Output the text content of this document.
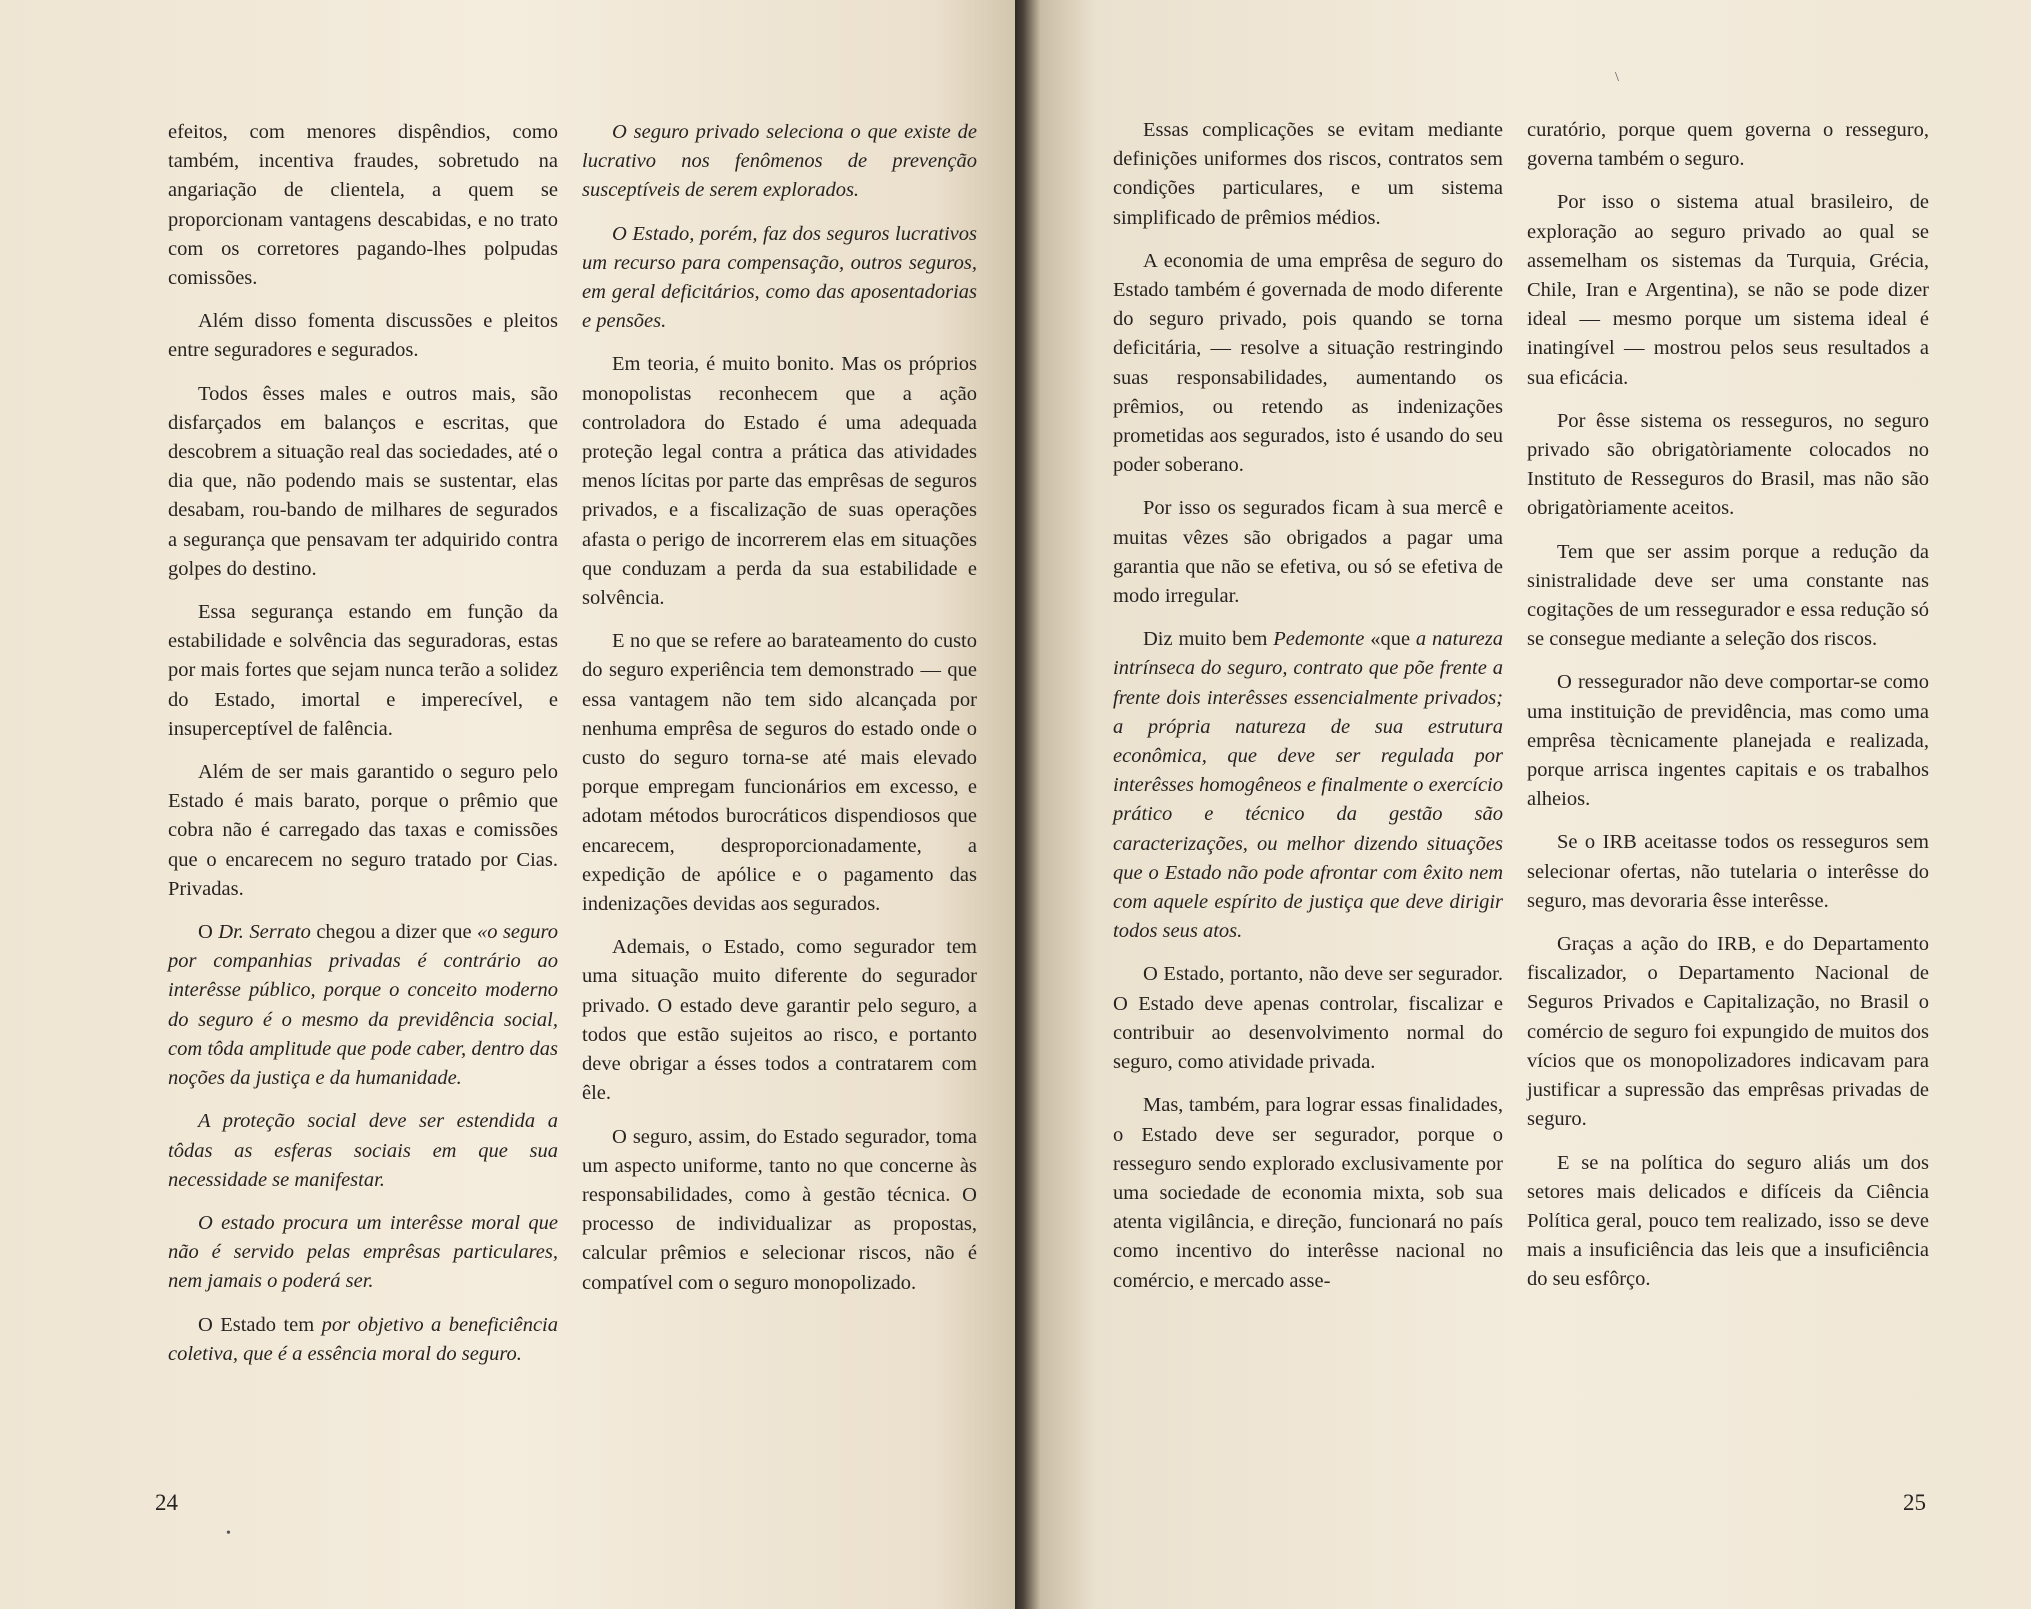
efeitos, com menores dispêndios, como também, incentiva fraudes, sobretudo na angariação de clientela, a quem se proporcionam vantagens descabidas, e no trato com os corretores pagando-lhes polpudas comissões.

Além disso fomenta discussões e pleitos entre seguradores e segurados.

Todos êsses males e outros mais, são disfarçados em balanços e escritas, que descobrem a situação real das sociedades, até o dia que, não podendo mais se sustentar, elas desabam, rou-bando de milhares de segurados a segurança que pensavam ter adquirido contra golpes do destino.

Essa segurança estando em função da estabilidade e solvência das seguradoras, estas por mais fortes que sejam nunca terão a solidez do Estado, imortal e imperecível, e insuperceptível de falência.

Além de ser mais garantido o seguro pelo Estado é mais barato, porque o prêmio que cobra não é carregado das taxas e comissões que o encarecem no seguro tratado por Cias. Privadas.

O Dr. Serrato chegou a dizer que «o seguro por companhias privadas é contrário ao interêsse público, porque o conceito moderno do seguro é o mesmo da previdência social, com tôda amplitude que pode caber, dentro das noções da justiça e da humanidade.

A proteção social deve ser estendida a tôdas as esferas sociais em que sua necessidade se manifestar.

O estado procura um interêsse moral que não é servido pelas emprêsas particulares, nem jamais o poderá ser.

O Estado tem por objetivo a beneficiência coletiva, que é a essência moral do seguro.

O seguro privado seleciona o que existe de lucrativo nos fenômenos de prevenção susceptíveis de serem explorados.

O Estado, porém, faz dos seguros lucrativos um recurso para compensação, outros seguros, em geral deficitários, como das aposentadorias e pensões.

Em teoria, é muito bonito. Mas os próprios monopolistas reconhecem que a ação controladora do Estado é uma adequada proteção legal contra a prática das atividades menos lícitas por parte das emprêsas de seguros privados, e a fiscalização de suas operações afasta o perigo de incorrerem elas em situações que conduzam a perda da sua estabilidade e solvência.

E no que se refere ao barateamento do custo do seguro experiência tem demonstrado — que essa vantagem não tem sido alcançada por nenhuma emprêsa de seguros do estado onde o custo do seguro torna-se até mais elevado porque empregam funcionários em excesso, e adotam métodos burocráticos dispendiosos que encarecem, desproporcionadamente, a expedição de apólice e o pagamento das indenizações devidas aos segurados.

Ademais, o Estado, como segurador tem uma situação muito diferente do segurador privado. O estado deve garantir pelo seguro, a todos que estão sujeitos ao risco, e portanto deve obrigar a ésses todos a contratarem com êle.

O seguro, assim, do Estado segurador, toma um aspecto uniforme, tanto no que concerne às responsabilidades, como à gestão técnica. O processo de individualizar as propostas, calcular prêmios e selecionar riscos, não é compatível com o seguro monopolizado.

24
•

Essas complicações se evitam mediante definições uniformes dos riscos, contratos sem condições particulares, e um sistema simplificado de prêmios médios.

A economia de uma emprêsa de seguro do Estado também é governada de modo diferente do seguro privado, pois quando se torna deficitária, — resolve a situação restringindo suas responsabilidades, aumentando os prêmios, ou retendo as indenizações prometidas aos segurados, isto é usando do seu poder soberano.

Por isso os segurados ficam à sua mercê e muitas vêzes são obrigados a pagar uma garantia que não se efetiva, ou só se efetiva de modo irregular.

Diz muito bem Pedemonte «que a natureza intrínseca do seguro, contrato que põe frente a frente dois interêsses essencialmente privados; a própria natureza de sua estrutura econômica, que deve ser regulada por interêsses homogêneos e finalmente o exercício prático e técnico da gestão são caracterizações, ou melhor dizendo situações que o Estado não pode afrontar com êxito nem com aquele espírito de justiça que deve dirigir todos seus atos.

O Estado, portanto, não deve ser segurador. O Estado deve apenas controlar, fiscalizar e contribuir ao desenvolvimento normal do seguro, como atividade privada.

Mas, também, para lograr essas finalidades, o Estado deve ser segurador, porque o resseguro sendo explorado exclusivamente por uma sociedade de economia mixta, sob sua atenta vigilância, e direção, funcionará no país como incentivo do interêsse nacional no comércio, e mercado asse-

curatório, porque quem governa o resseguro, governa também o seguro.

Por isso o sistema atual brasileiro, de exploração ao seguro privado ao qual se assemelham os sistemas da Turquia, Grécia, Chile, Iran e Argentina), se não se pode dizer ideal — mesmo porque um sistema ideal é inatingível — mostrou pelos seus resultados a sua eficácia.

Por êsse sistema os resseguros, no seguro privado são obrigatòriamente colocados no Instituto de Resseguros do Brasil, mas não são obrigatòriamente aceitos.

Tem que ser assim porque a redução da sinistralidade deve ser uma constante nas cogitações de um ressegurador e essa redução só se consegue mediante a seleção dos riscos.

O ressegurador não deve comportar-se como uma instituição de previdência, mas como uma emprêsa tècnicamente planejada e realizada, porque arrisca ingentes capitais e os trabalhos alheios.

Se o IRB aceitasse todos os resseguros sem selecionar ofertas, não tutelaria o interêsse do seguro, mas devoraria êsse interêsse.

Graças a ação do IRB, e do Departamento fiscalizador, o Departamento Nacional de Seguros Privados e Capitalização, no Brasil o comércio de seguro foi expungido de muitos dos vícios que os monopolizadores indicavam para justificar a supressão das emprêsas privadas de seguro.

E se na política do seguro aliás um dos setores mais delicados e difíceis da Ciência Política geral, pouco tem realizado, isso se deve mais a insuficiência das leis que a insuficiência do seu esfôrço.

25
\
